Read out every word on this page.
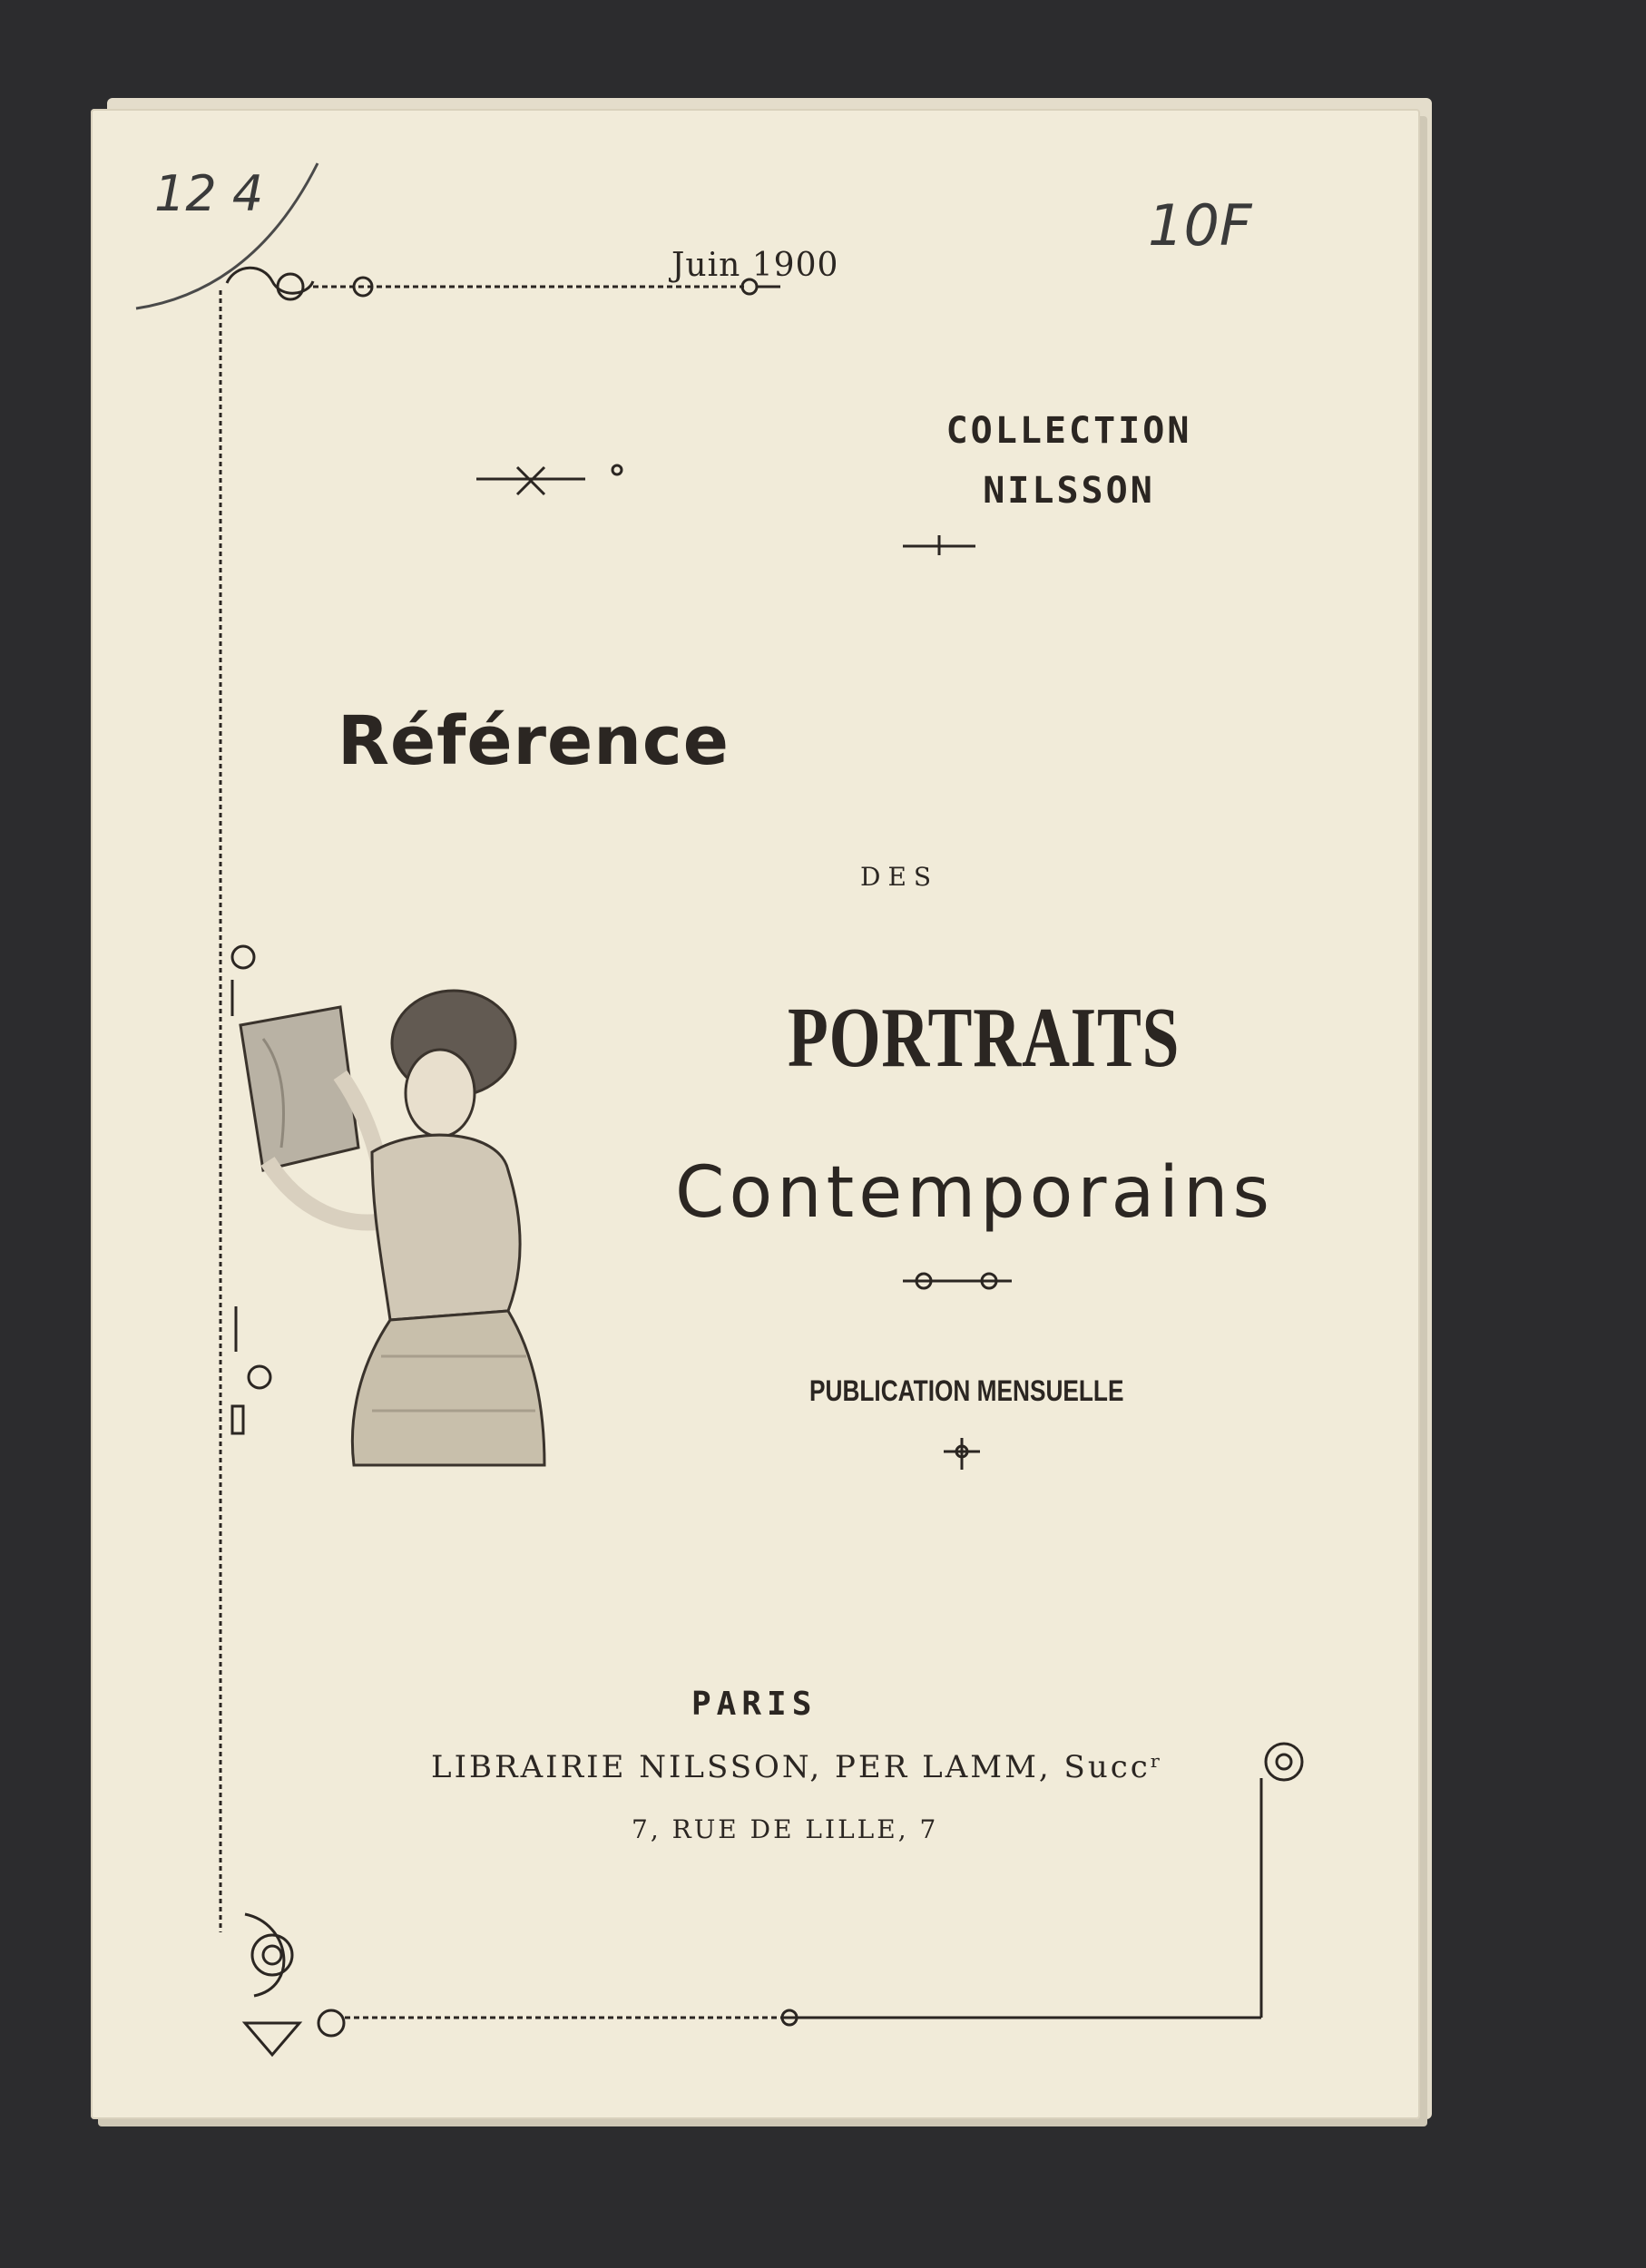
12 4	10F
Juin 1900
COLLECTION
NILSSON
Référence
DES
PORTRAITS
Contemporains
PUBLICATION MENSUELLE
PARIS
LIBRAIRIE NILSSON, PER LAMM, Succʳ
7, RUE DE LILLE, 7
